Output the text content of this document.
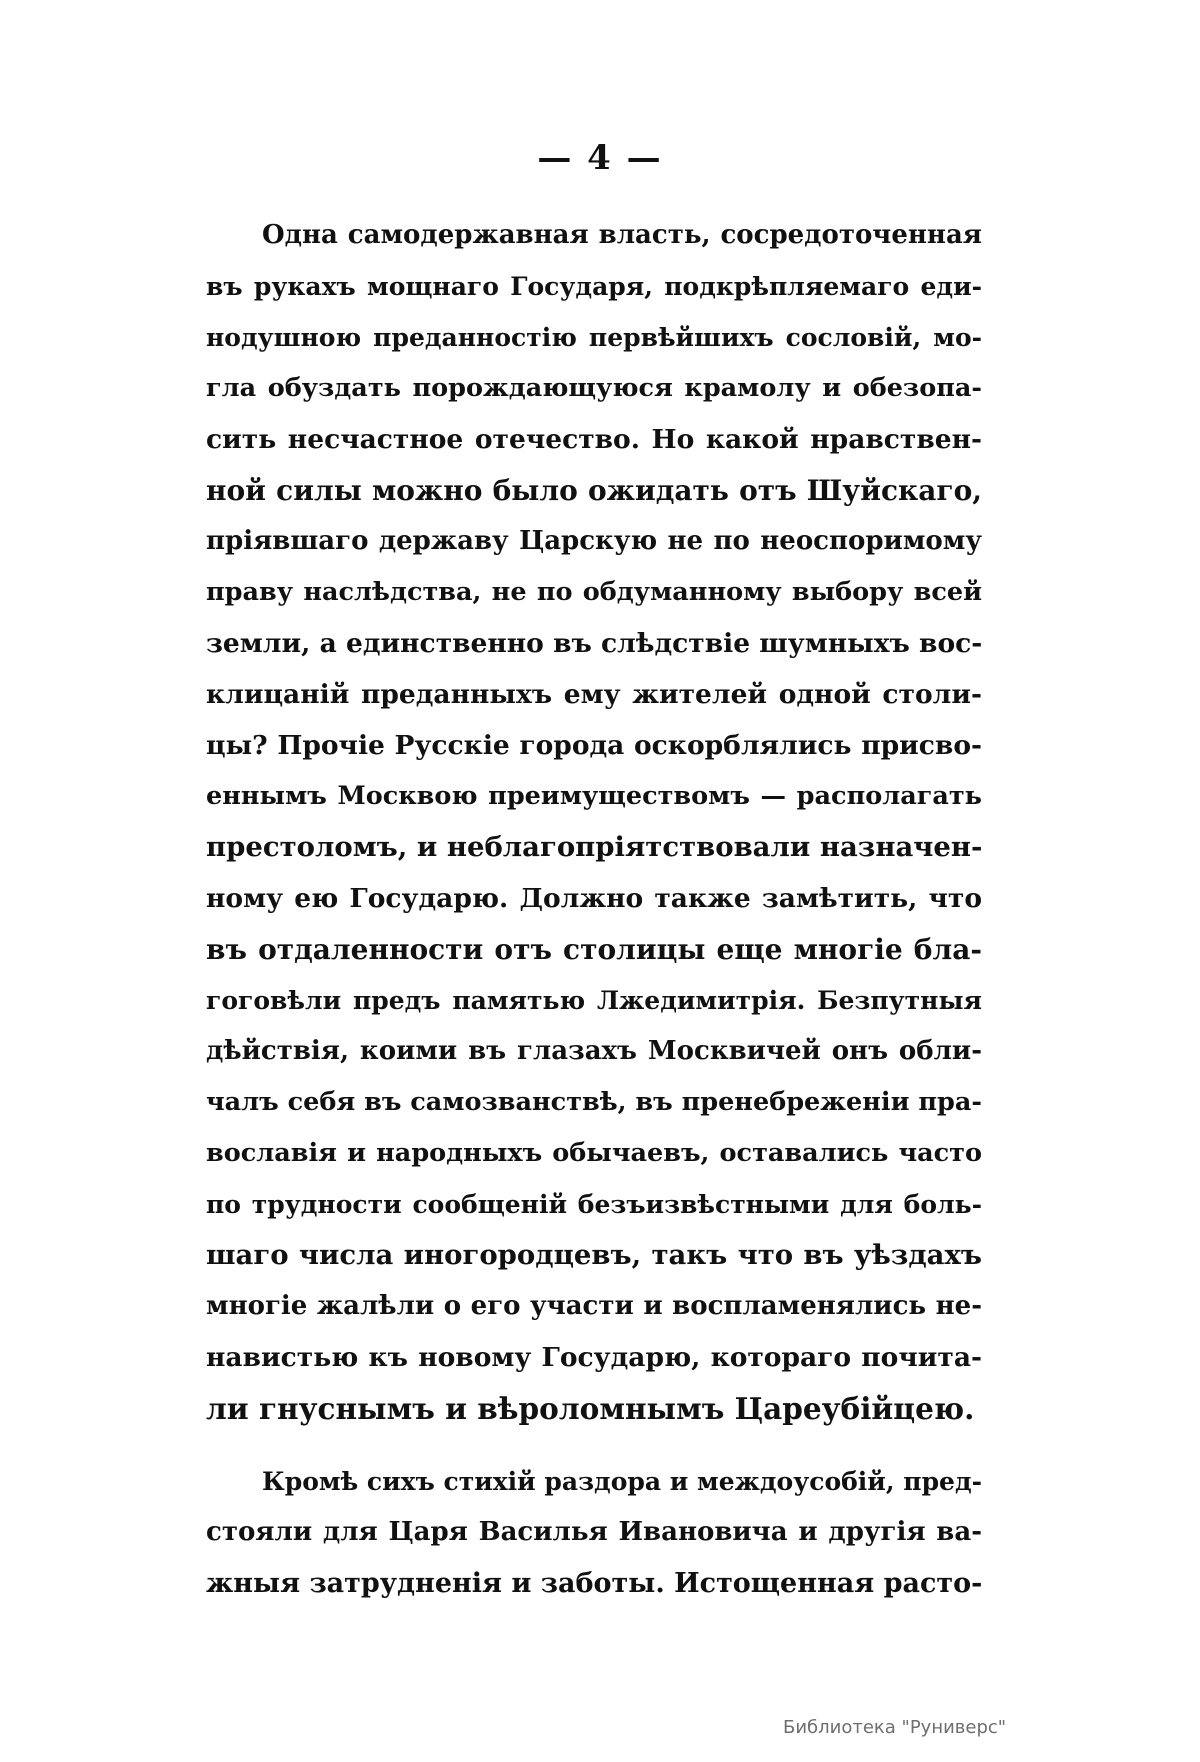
— 4 —
Одна самодержавная власть, сосредоточенная
въ рукахъ мощнаго Государя, подкрѣпляемаго еди-
нодушною преданностію первѣйшихъ сословій, мо-
гла обуздать порождающуюся крамолу и обезопа-
сить несчастное отечество. Но какой нравствен-
ной силы можно было ожидать отъ Шуйскаго,
пріявшаго державу Царскую не по неоспоримому
праву наслѣдства, не по обдуманному выбору всей
земли, а единственно въ слѣдствіе шумныхъ вос-
клицаній преданныхъ ему жителей одной столи-
цы? Прочіе Русскіе города оскорблялись присво-
еннымъ Москвою преимуществомъ — располагать
престоломъ, и неблагопріятствовали назначен-
ному ею Государю. Должно также замѣтить, что
въ отдаленности отъ столицы еще многіе бла-
гоговѣли предъ памятью Лжедимитрія. Безпутныя
дѣйствія, коими въ глазахъ Москвичей онъ обли-
чалъ себя въ самозванствѣ, въ пренебреженіи пра-
вославія и народныхъ обычаевъ, оставались часто
по трудности сообщеній безъизвѣстными для боль-
шаго числа иногородцевъ, такъ что въ уѣздахъ
многіе жалѣли о его участи и воспламенялись не-
навистью къ новому Государю, котораго почита-
ли гнуснымъ и вѣроломнымъ Цареубійцею.
Кромѣ сихъ стихій раздора и междоусобій, пред-
стояли для Царя Василья Ивановича и другія ва-
жныя затрудненія и заботы. Истощенная расто-
Библиотека "Руниверс"
